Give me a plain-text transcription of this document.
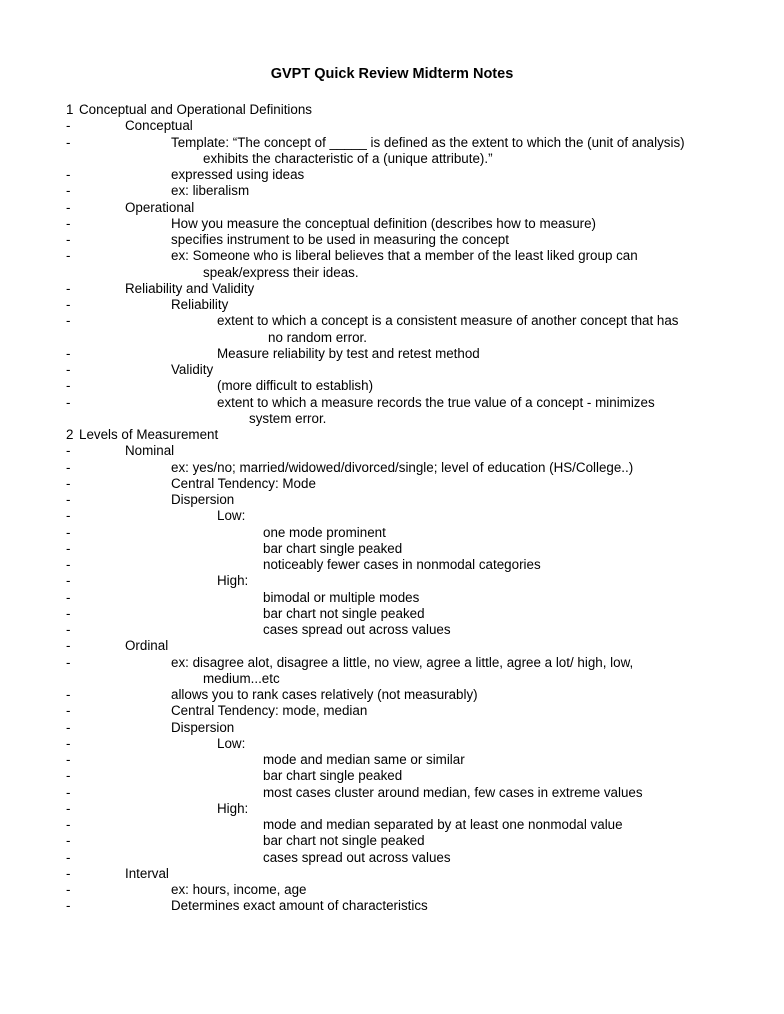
GVPT Quick Review Midterm Notes
1 Conceptual and Operational Definitions
-	Conceptual
-	Template: “The concept of _____ is defined as the extent to which the (unit of analysis)
exhibits the characteristic of a (unique attribute).”
-	expressed using ideas
-	ex: liberalism
-	Operational
-	How you measure the conceptual definition (describes how to measure)
-	specifies instrument to be used in measuring the concept
-	ex: Someone who is liberal believes that a member of the least liked group can
speak/express their ideas.
-	Reliability and Validity
-	Reliability
-	extent to which a concept is a consistent measure of another concept that has
no random error.
-	Measure reliability by test and retest method
-	Validity
-	(more difficult to establish)
-	extent to which a measure records the true value of a concept - minimizes
system error.
2 Levels of Measurement
-	Nominal
-	ex: yes/no; married/widowed/divorced/single; level of education (HS/College..)
-	Central Tendency: Mode
-	Dispersion
-	Low:
-	one mode prominent
-	bar chart single peaked
-	noticeably fewer cases in nonmodal categories
-	High:
-	bimodal or multiple modes
-	bar chart not single peaked
-	cases spread out across values
-	Ordinal
-	ex: disagree alot, disagree a little, no view, agree a little, agree a lot/ high, low,
medium...etc
-	allows you to rank cases relatively (not measurably)
-	Central Tendency: mode, median
-	Dispersion
-	Low:
-	mode and median same or similar
-	bar chart single peaked
-	most cases cluster around median, few cases in extreme values
-	High:
-	mode and median separated by at least one nonmodal value
-	bar chart not single peaked
-	cases spread out across values
-	Interval
-	ex: hours, income, age
-	Determines exact amount of characteristics
